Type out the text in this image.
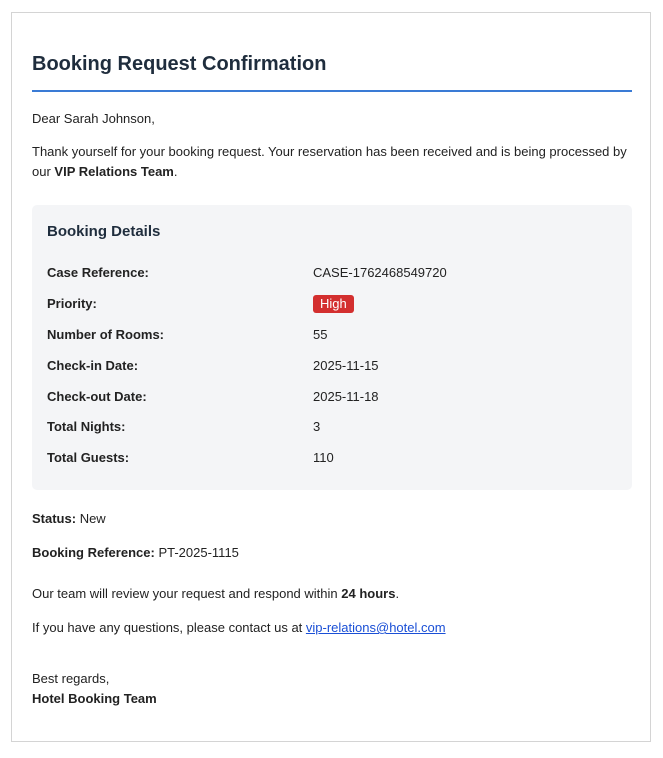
Booking Request Confirmation

Dear Sarah Johnson,

Thank yourself for your booking request. Your reservation has been received and is being processed by our VIP Relations Team.

Booking Details
Case Reference:	CASE-1762468549720
Priority:	High
Number of Rooms:	55
Check-in Date:	2025-11-15
Check-out Date:	2025-11-18
Total Nights:	3
Total Guests:	110

Status: New

Booking Reference: PT-2025-1115

Our team will review your request and respond within 24 hours.

If you have any questions, please contact us at vip-relations@hotel.com

Best regards,

Hotel Booking Team
